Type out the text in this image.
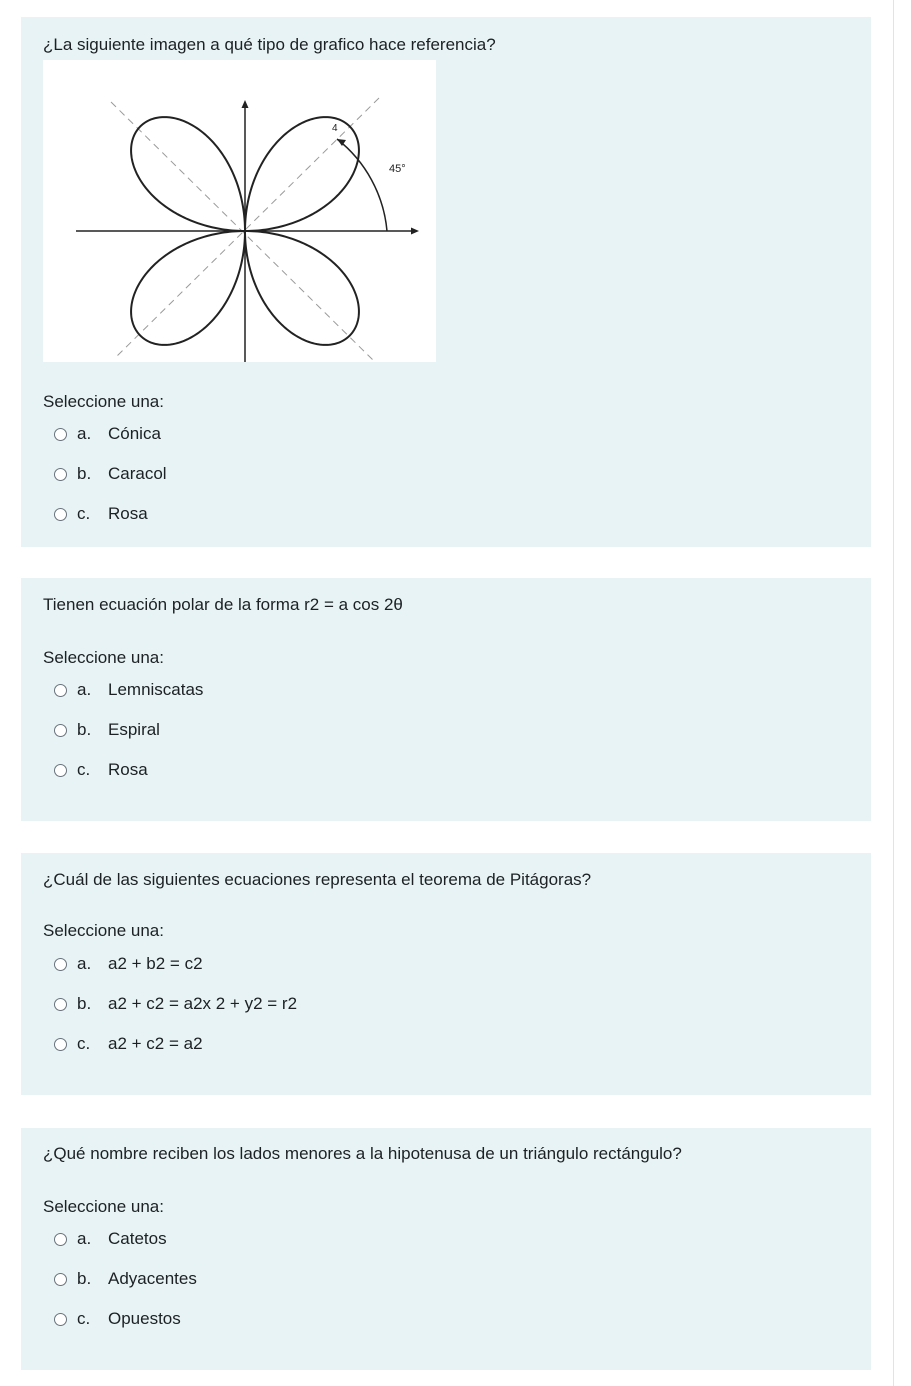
¿La siguiente imagen a qué tipo de grafico hace referencia?

45°
4

Seleccione una:

a. Cónica
b. Caracol
c.	Rosa

Tienen ecuación polar de la forma r2 = a cos 2θ

Seleccione una:

a. Lemniscatas
b. Espiral
c.	Rosa

¿Cuál de las siguientes ecuaciones representa el teorema de Pitágoras?

Seleccione una:

a. a2 + b2 = c2
b. a2 + c2 = a2x 2 + y2 = r2
c.	a2 + c2 = a2

¿Qué nombre reciben los lados menores a la hipotenusa de un triángulo rectángulo?

Seleccione una:

a. Catetos
b. Adyacentes
c.	Opuestos
